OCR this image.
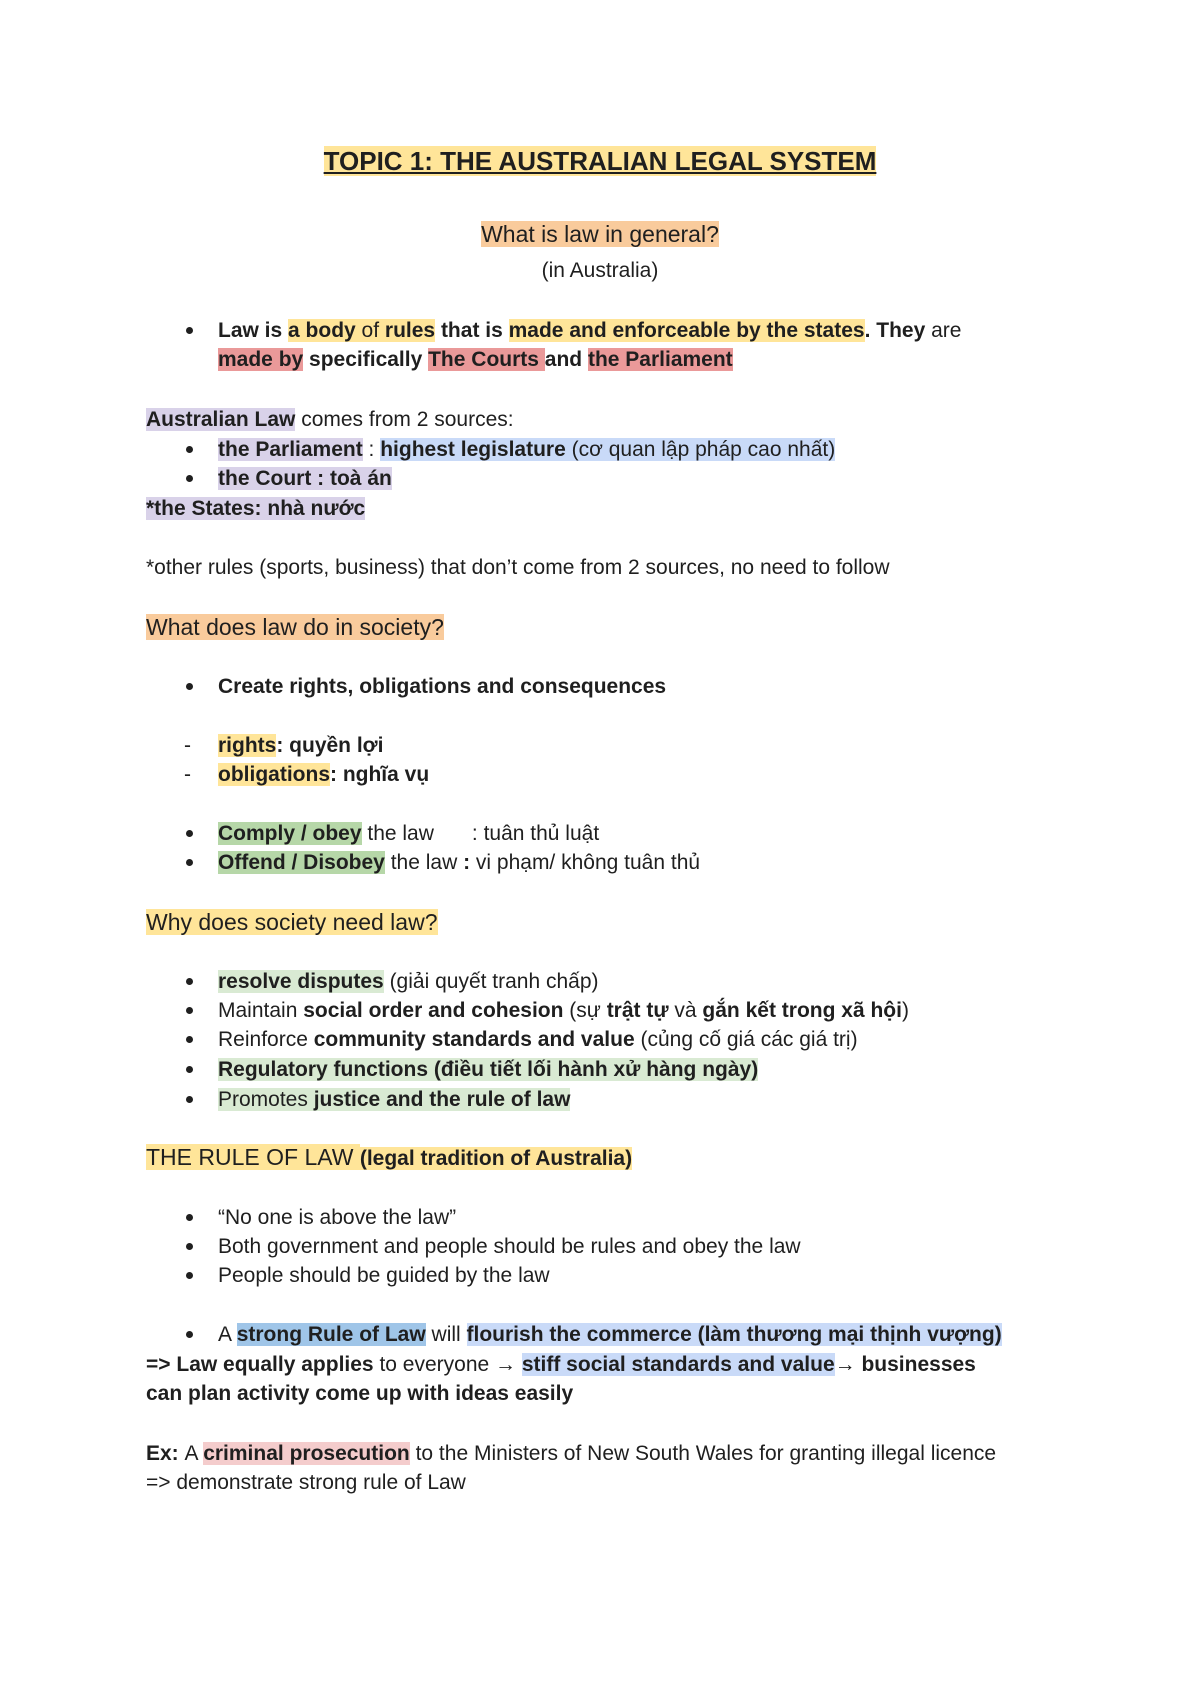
TOPIC 1: THE AUSTRALIAN LEGAL SYSTEM
What is law in general?
(in Australia)
Law is a body of rules that is made and enforceable by the states. They are
made by specifically The Courts and the Parliament
Australian Law comes from 2 sources:
the Parliament : highest legislature (cơ quan lập pháp cao nhất)
the Court : toà án
*the States: nhà nước
*other rules (sports, business) that don’t come from 2 sources, no need to follow
What does law do in society?
Create rights, obligations and consequences
- rights: quyền lợi
- obligations: nghĩa vụ
Comply / obey the law : tuân thủ luật
Offend / Disobey the law : vi phạm/ không tuân thủ
Why does society need law?
resolve disputes (giải quyết tranh chấp)
Maintain social order and cohesion (sự trật tự và gắn kết trong xã hội)
Reinforce community standards and value (củng cố giá các giá trị)
Regulatory functions (điều tiết lối hành xử hàng ngày)
Promotes justice and the rule of law
THE RULE OF LAW (legal tradition of Australia)
“No one is above the law”
Both government and people should be rules and obey the law
People should be guided by the law
A strong Rule of Law will flourish the commerce (làm thương mại thịnh vượng)
=> Law equally applies to everyone → stiff social standards and value→ businesses
can plan activity come up with ideas easily
Ex: A criminal prosecution to the Ministers of New South Wales for granting illegal licence
=> demonstrate strong rule of Law
